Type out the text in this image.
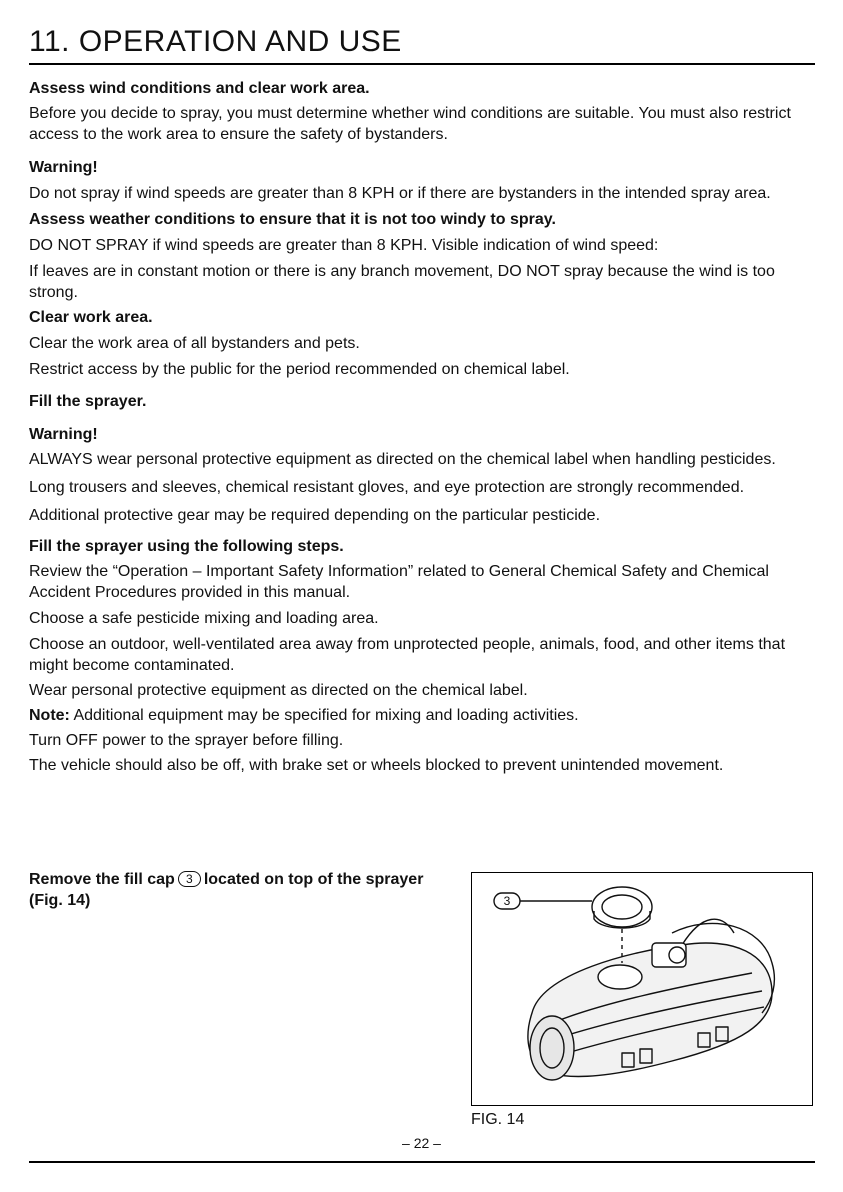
11. OPERATION AND USE

Assess wind conditions and clear work area.

Before you decide to spray, you must determine whether wind conditions are suitable. You must also restrict access to the work area to ensure the safety of bystanders.

Warning!

Do not spray if wind speeds are greater than 8 KPH or if there are bystanders in the intended spray area.

Assess weather conditions to ensure that it is not too windy to spray.

DO NOT SPRAY if wind speeds are greater than 8 KPH. Visible indication of wind speed:

If leaves are in constant motion or there is any branch movement, DO NOT spray because the wind is too strong.

Clear work area.

Clear the work area of all bystanders and pets.

Restrict access by the public for the period recommended on chemical label.

Fill the sprayer.

Warning!

ALWAYS wear personal protective equipment as directed on the chemical label when handling pesticides.

Long trousers and sleeves, chemical resistant gloves, and eye protection are strongly recommended.

Additional protective gear may be required depending on the particular pesticide.

Fill the sprayer using the following steps.

Review the “Operation – Important Safety Information” related to General Chemical Safety and Chemical Accident Procedures provided in this manual.

Choose a safe pesticide mixing and loading area.

Choose an outdoor, well-ventilated area away from unprotected people, animals, food, and other items that might become contaminated.

Wear personal protective equipment as directed on the chemical label.

Note: Additional equipment may be specified for mixing and loading activities.

Turn OFF power to the sprayer before filling.

The vehicle should also be off, with brake set or wheels blocked to prevent unintended movement.

Remove the fill cap 3 located on top of the sprayer (Fig. 14)	3
FIG. 14
– 22 –
